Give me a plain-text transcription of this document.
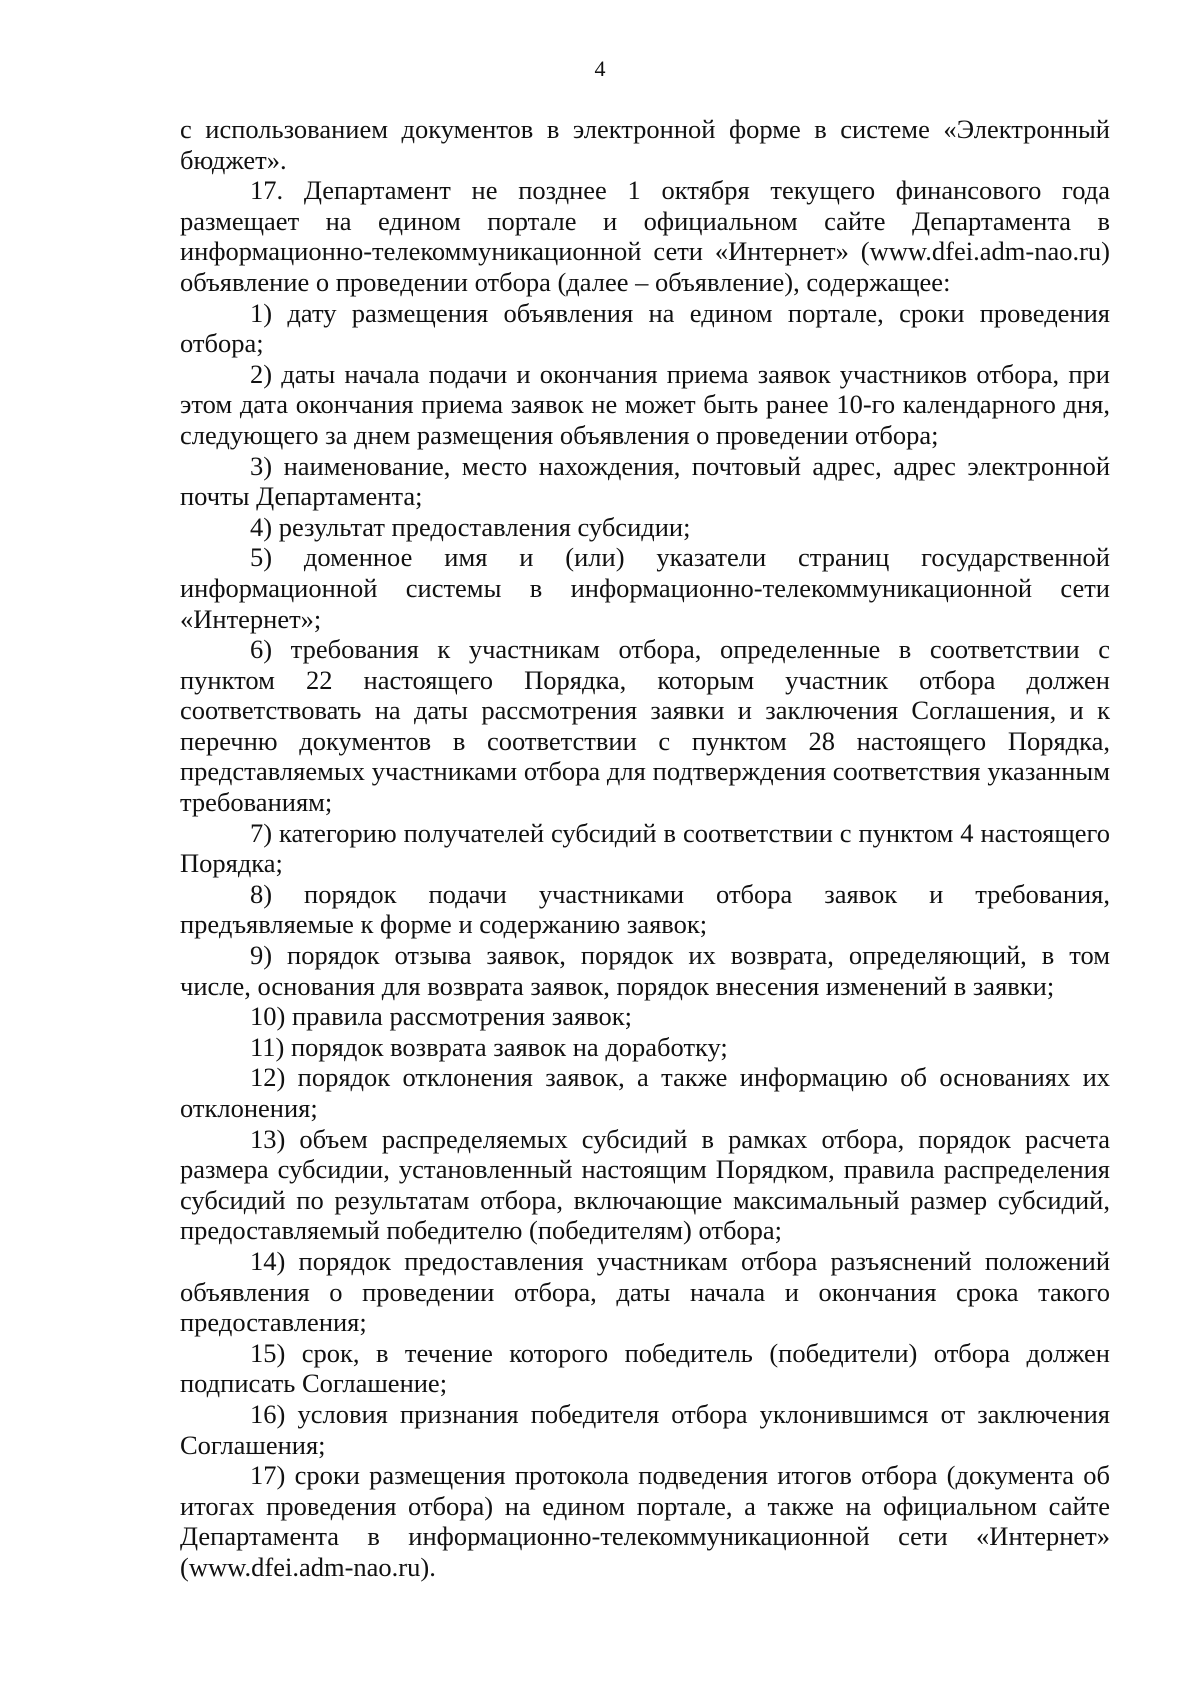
4

с использованием документов в электронной форме в системе «Электронный бюджет».

17. Департамент не позднее 1 октября текущего финансового года размещает на едином портале и официальном сайте Департамента в информационно-телекоммуникационной сети «Интернет» (www.dfei.adm-nao.ru) объявление о проведении отбора (далее – объявление), содержащее:

1) дату размещения объявления на едином портале, сроки проведения отбора;

2) даты начала подачи и окончания приема заявок участников отбора, при этом дата окончания приема заявок не может быть ранее 10-го календарного дня, следующего за днем размещения объявления о проведении отбора;

3) наименование, место нахождения, почтовый адрес, адрес электронной почты Департамента;

4) результат предоставления субсидии;

5) доменное имя и (или) указатели страниц государственной информационной системы в информационно-телекоммуникационной сети «Интернет»;

6) требования к участникам отбора, определенные в соответствии с пунктом 22 настоящего Порядка, которым участник отбора должен соответствовать на даты рассмотрения заявки и заключения Соглашения, и к перечню документов в соответствии с пунктом 28 настоящего Порядка, представляемых участниками отбора для подтверждения соответствия указанным требованиям;

7) категорию получателей субсидий в соответствии с пунктом 4 настоящего Порядка;

8) порядок подачи участниками отбора заявок и требования, предъявляемые к форме и содержанию заявок;

9) порядок отзыва заявок, порядок их возврата, определяющий, в том числе, основания для возврата заявок, порядок внесения изменений в заявки;

10) правила рассмотрения заявок;

11) порядок возврата заявок на доработку;

12) порядок отклонения заявок, а также информацию об основаниях их отклонения;

13) объем распределяемых субсидий в рамках отбора, порядок расчета размера субсидии, установленный настоящим Порядком, правила распределения субсидий по результатам отбора, включающие максимальный размер субсидий, предоставляемый победителю (победителям) отбора;

14) порядок предоставления участникам отбора разъяснений положений объявления о проведении отбора, даты начала и окончания срока такого предоставления;

15) срок, в течение которого победитель (победители) отбора должен подписать Соглашение;

16) условия признания победителя отбора уклонившимся от заключения Соглашения;

17) сроки размещения протокола подведения итогов отбора (документа об итогах проведения отбора) на едином портале, а также на официальном сайте Департамента в информационно-телекоммуникационной сети «Интернет» (www.dfei.adm-nao.ru).
